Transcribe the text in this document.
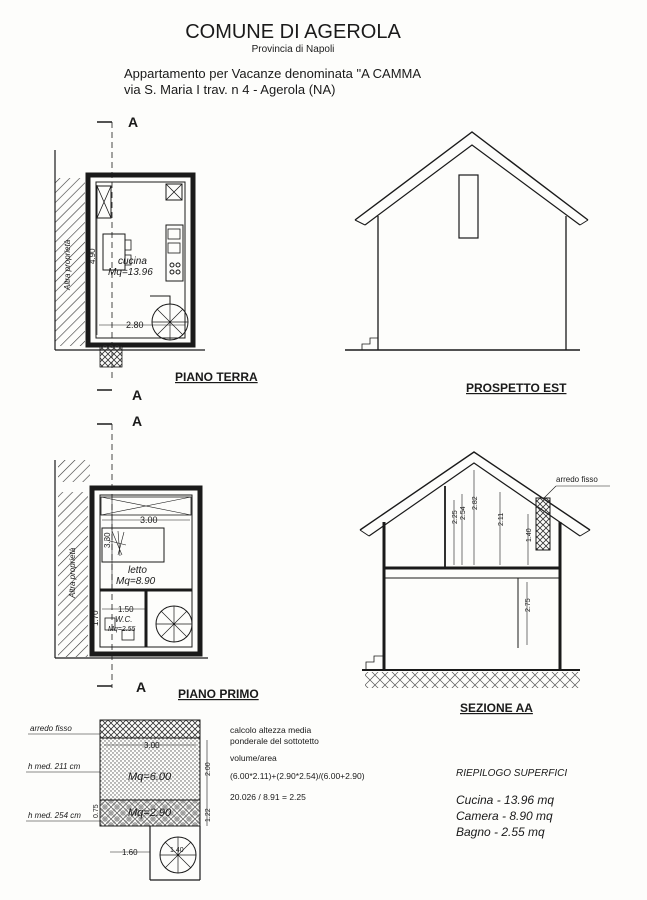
COMUNE DI AGEROLA
Provincia di Napoli
Appartamento per Vacanze denominata "A CAMMA
via S. Maria I trav. n 4 - Agerola (NA)
A
A
Altra proprietà
2.80
4.90 cucina
Mq=13.96
PIANO TERRA
PROSPETTO EST
A
A
Altra proprietà
3.00
3.30
1.50
1.70
letto
Mq=8.90
W.C.
Mq=2.55
PIANO PRIMO
arredo fisso
2.25 2.54
2.82
2.11
1.40
2.75
SEZIONE AA
arredo fisso
h med. 211 cm
h med. 254 cm
3.00
1.60
2.00
1.22
0.75
Mq=6.00
Mq=2.90
1.40
calcolo altezza media
ponderale del sottotetto
volume/area
(6.00*2.11)+(2.90*2.54)/(6.00+2.90)
20.026 / 8.91 = 2.25
RIEPILOGO SUPERFICI
Cucina - 13.96 mq
Camera - 8.90 mq
Bagno - 2.55 mq
